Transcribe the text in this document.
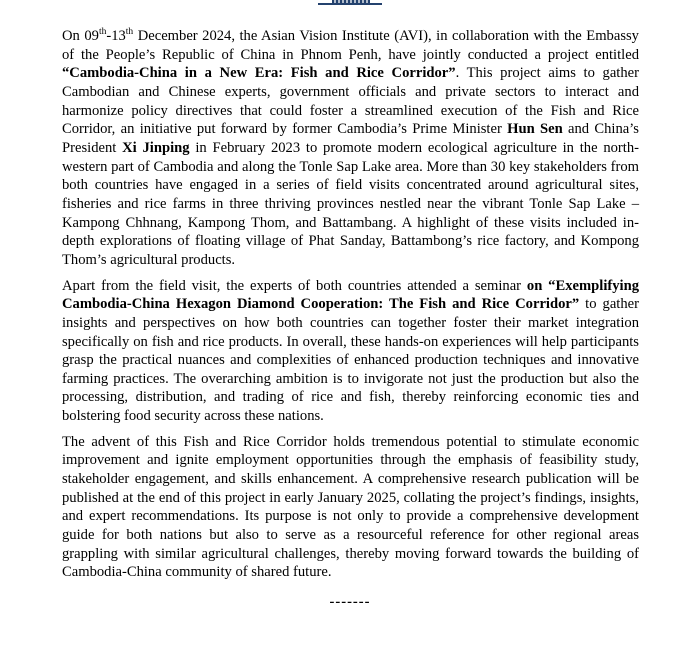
On 09th-13th December 2024, the Asian Vision Institute (AVI), in collaboration with the Embassy of the People’s Republic of China in Phnom Penh, have jointly conducted a project entitled “Cambodia-China in a New Era: Fish and Rice Corridor”. This project aims to gather Cambodian and Chinese experts, government officials and private sectors to interact and harmonize policy directives that could foster a streamlined execution of the Fish and Rice Corridor, an initiative put forward by former Cambodia’s Prime Minister Hun Sen and China’s President Xi Jinping in February 2023 to promote modern ecological agriculture in the north-western part of Cambodia and along the Tonle Sap Lake area. More than 30 key stakeholders from both countries have engaged in a series of field visits concentrated around agricultural sites, fisheries and rice farms in three thriving provinces nestled near the vibrant Tonle Sap Lake – Kampong Chhnang, Kampong Thom, and Battambang. A highlight of these visits included in-depth explorations of floating village of Phat Sanday, Battambong’s rice factory, and Kompong Thom’s agricultural products.

Apart from the field visit, the experts of both countries attended a seminar on “Exemplifying Cambodia-China Hexagon Diamond Cooperation: The Fish and Rice Corridor” to gather insights and perspectives on how both countries can together foster their market integration specifically on fish and rice products. In overall, these hands-on experiences will help participants grasp the practical nuances and complexities of enhanced production techniques and innovative farming practices. The overarching ambition is to invigorate not just the production but also the processing, distribution, and trading of rice and fish, thereby reinforcing economic ties and bolstering food security across these nations.

The advent of this Fish and Rice Corridor holds tremendous potential to stimulate economic improvement and ignite employment opportunities through the emphasis of feasibility study, stakeholder engagement, and skills enhancement. A comprehensive research publication will be published at the end of this project in early January 2025, collating the project’s findings, insights, and expert recommendations. Its purpose is not only to provide a comprehensive development guide for both nations but also to serve as a resourceful reference for other regional areas grappling with similar agricultural challenges, thereby moving forward towards the building of Cambodia-China community of shared future.

-------
